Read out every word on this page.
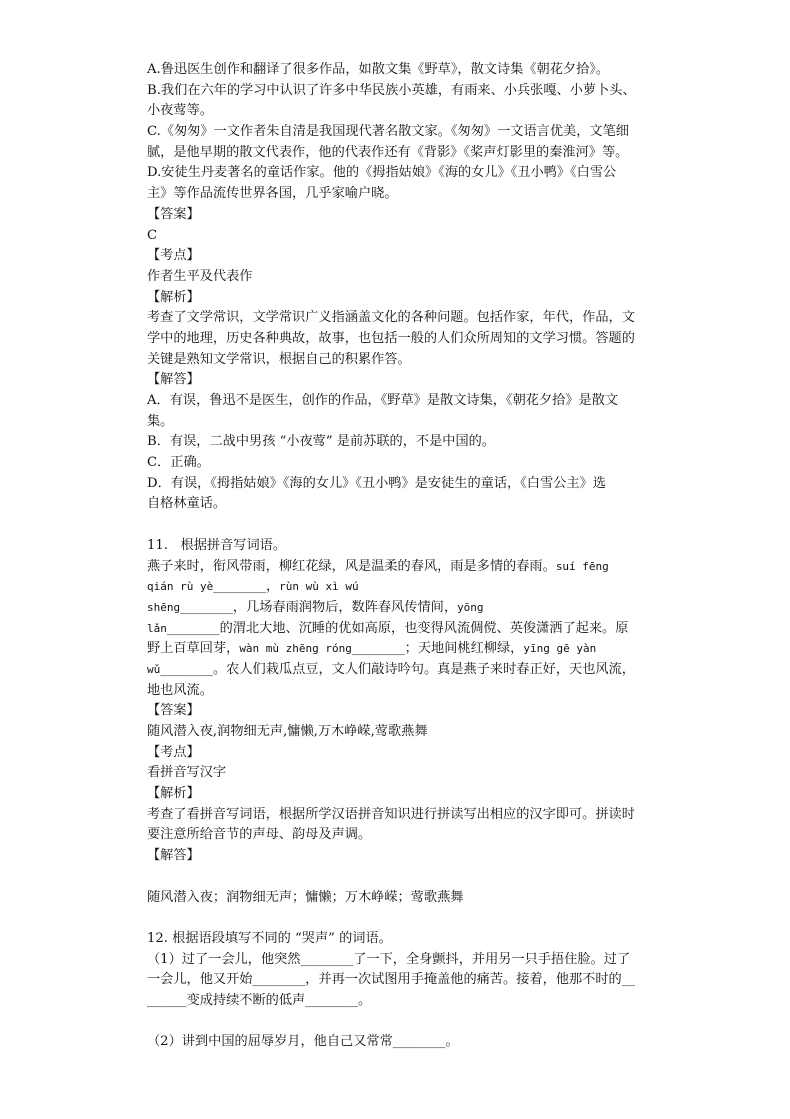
A.鲁迅医生创作和翻译了很多作品，如散文集《野草》，散文诗集《朝花夕拾》。
B.我们在六年的学习中认识了许多中华民族小英雄，有雨来、小兵张嘎、小萝卜头、
小夜莺等。
C.《匆匆》一文作者朱自清是我国现代著名散文家。《匆匆》一文语言优美，文笔细
腻，是他早期的散文代表作，他的代表作还有《背影》《桨声灯影里的秦淮河》等。
D.安徒生丹麦著名的童话作家。他的《拇指姑娘》《海的女儿》《丑小鸭》《白雪公
主》等作品流传世界各国，几乎家喻户晓。
【答案】
C
【考点】
作者生平及代表作
【解析】
考查了文学常识，文学常识广义指涵盖文化的各种问题。包括作家，年代，作品，文
学中的地理，历史各种典故，故事，也包括一般的人们众所周知的文学习惯。答题的
关键是熟知文学常识，根据自己的积累作答。
【解答】
A．有误，鲁迅不是医生，创作的作品，《野草》是散文诗集，《朝花夕拾》是散文
集。
B．有误，二战中男孩 “小夜莺” 是前苏联的，不是中国的。
C．正确。
D．有误，《拇指姑娘》《海的女儿》《丑小鸭》是安徒生的童话，《白雪公主》选
自格林童话。
11.   根据拼音写词语。
燕子来时，衔风带雨，柳红花绿，风是温柔的春风，雨是多情的春雨。suí fēng
qián rù yè________，rùn wù xì wú
shēng________，几场春雨润物后，数阵春风传情间，yōng
lǎn________的渭北大地、沉睡的优如高原，也变得风流倜傥、英俊潇洒了起来。原
野上百草回芽，wàn mù zhēng róng________；天地间桃红柳绿，yīng gē yàn
wǔ________。农人们栽瓜点豆，文人们敲诗吟句。真是燕子来时春正好，天也风流，
地也风流。
【答案】
随风潜入夜,润物细无声,慵懒,万木峥嵘,莺歌燕舞
【考点】
看拼音写汉字
【解析】
考查了看拼音写词语，根据所学汉语拼音知识进行拼读写出相应的汉字即可。拼读时
要注意所给音节的声母、韵母及声调。
【解答】
随风潜入夜；润物细无声；慵懒；万木峥嵘；莺歌燕舞
12. 根据语段填写不同的 “哭声” 的词语。
（1）过了一会儿，他突然________了一下，全身颤抖，并用另一只手捂住脸。过了
一会儿，他又开始________，并再一次试图用手掩盖他的痛苦。接着，他那不时的__
______变成持续不断的低声________。
（2）讲到中国的屈辱岁月，他自己又常常________。
